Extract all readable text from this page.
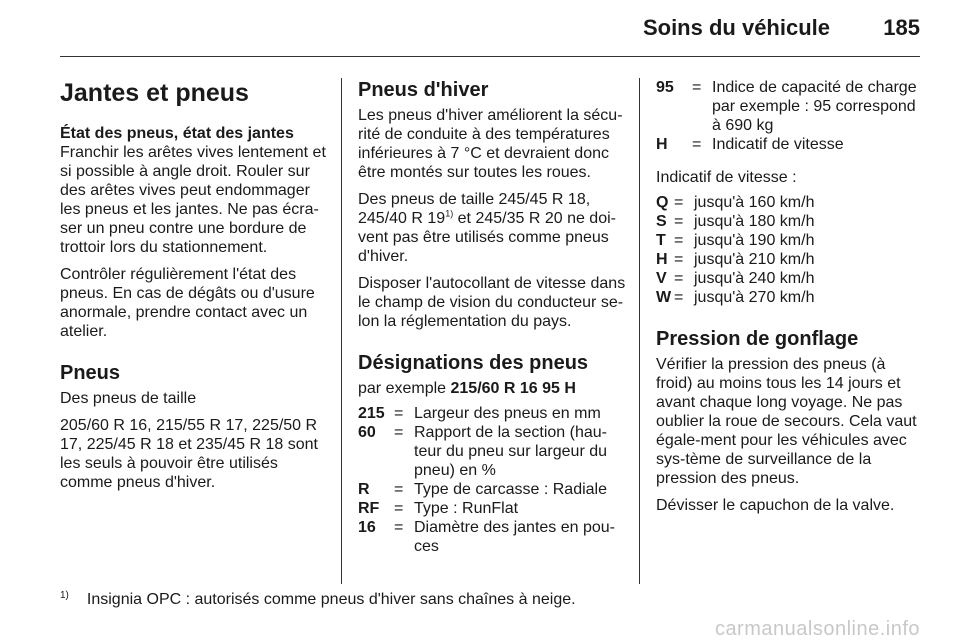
Soins du véhicule 185
Jantes et pneus
État des pneus, état des jantes

Franchir les arêtes vives lentement et si possible à angle droit. Rouler sur des arêtes vives peut endommager les pneus et les jantes. Ne pas écra-ser un pneu contre une bordure de trottoir lors du stationnement.

Contrôler régulièrement l'état des pneus. En cas de dégâts ou d'usure anormale, prendre contact avec un atelier.

Pneus

Des pneus de taille

205/60 R 16, 215/55 R 17, 225/50 R 17, 225/45 R 18 et 235/45 R 18 sont les seuls à pouvoir être utilisés comme pneus d'hiver.

Pneus d'hiver

Les pneus d'hiver améliorent la sécu-rité de conduite à des températures inférieures à 7 °C et devraient donc être montés sur toutes les roues.

Des pneus de taille 245/45 R 18, 245/40 R 19$^{1)}$ et 245/35 R 20 ne doi-vent pas être utilisés comme pneus d'hiver.

Disposer l'autocollant de vitesse dans le champ de vision du conducteur se-lon la réglementation du pays.

Désignations des pneus

par exemple 215/60 R 16 95 H

215 = Largeur des pneus en mm
60	= Rapport de la section (hau-teur du pneu sur largeur du pneu) en %
R	= Type de carcasse : Radiale
RF = Type : RunFlat
16	= Diamètre des jantes en pou-ces
95	= Indice de capacité de charge par exemple : 95 correspond à 690 kg
H	= Indicatif de vitesse

Indicatif de vitesse :

Q = jusqu'à 160 km/h
S = jusqu'à 180 km/h
T = jusqu'à 190 km/h
H = jusqu'à 210 km/h
V = jusqu'à 240 km/h
W = jusqu'à 270 km/h
Pression de gonflage

Vérifier la pression des pneus (à froid) au moins tous les 14 jours et avant chaque long voyage. Ne pas oublier la roue de secours. Cela vaut égale-ment pour les véhicules avec sys-tème de surveillance de la pression des pneus.

Dévisser le capuchon de la valve.

$^{1)}$ Insignia OPC : autorisés comme pneus d'hiver sans chaînes à neige.
carmanualsonline.info
